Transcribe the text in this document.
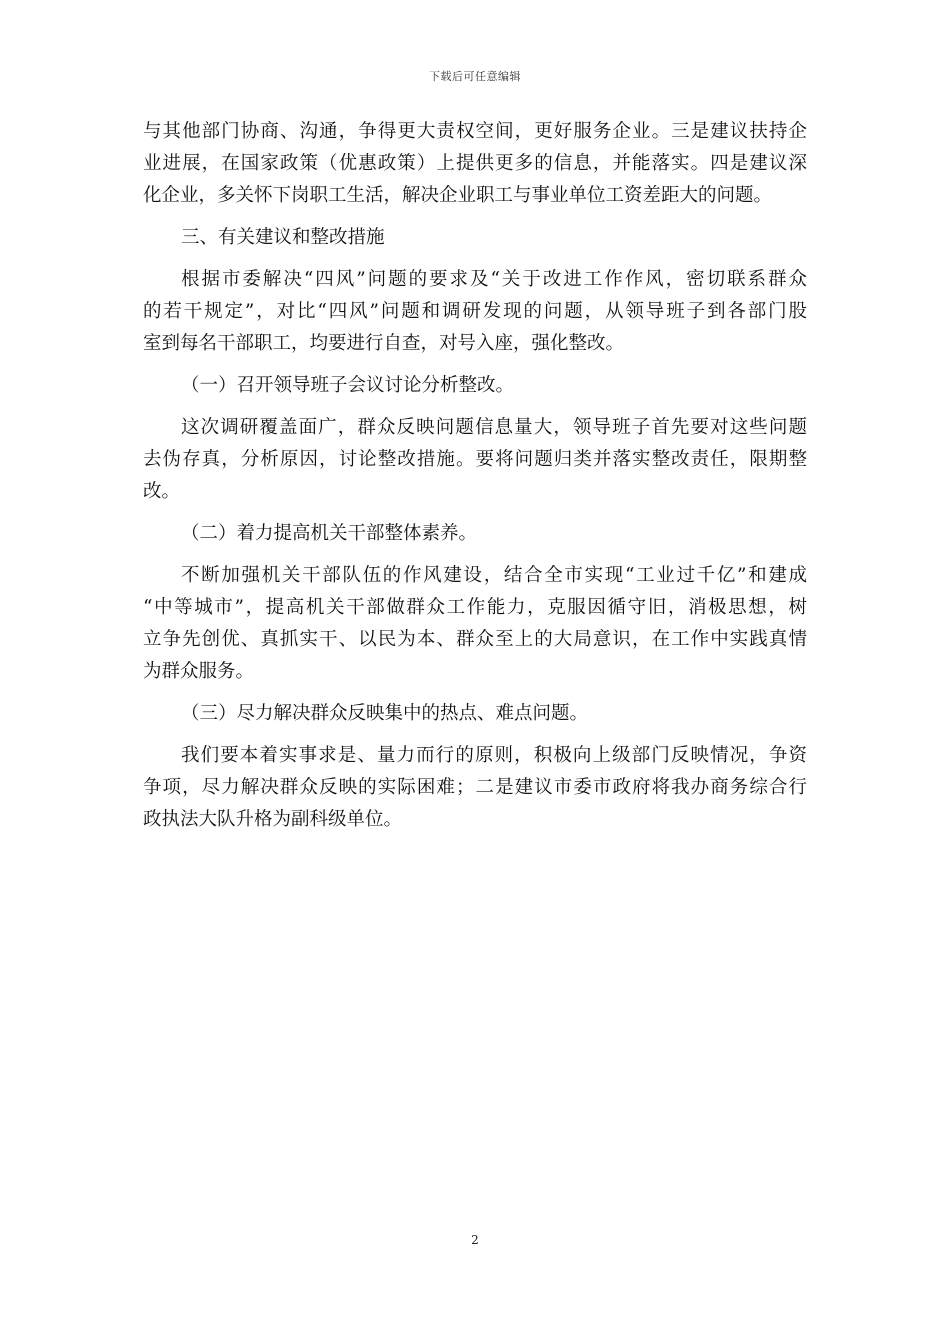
下载后可任意编辑
与其他部门协商、沟通，争得更大责权空间，更好服务企业。三是建议扶持企
业进展，在国家政策（优惠政策）上提供更多的信息，并能落实。四是建议深
化企业，多关怀下岗职工生活，解决企业职工与事业单位工资差距大的问题。
三、有关建议和整改措施
根据市委解决“四风”问题的要求及“关于改进工作作风，密切联系群众
的若干规定”，对比“四风”问题和调研发现的问题，从领导班子到各部门股
室到每名干部职工，均要进行自查，对号入座，强化整改。
（一）召开领导班子会议讨论分析整改。
这次调研覆盖面广，群众反映问题信息量大，领导班子首先要对这些问题
去伪存真，分析原因，讨论整改措施。要将问题归类并落实整改责任，限期整
改。
（二）着力提高机关干部整体素养。
不断加强机关干部队伍的作风建设，结合全市实现“工业过千亿”和建成
“中等城市”，提高机关干部做群众工作能力，克服因循守旧，消极思想，树
立争先创优、真抓实干、以民为本、群众至上的大局意识，在工作中实践真情
为群众服务。
（三）尽力解决群众反映集中的热点、难点问题。
我们要本着实事求是、量力而行的原则，积极向上级部门反映情况，争资
争项，尽力解决群众反映的实际困难；二是建议市委市政府将我办商务综合行
政执法大队升格为副科级单位。
2
